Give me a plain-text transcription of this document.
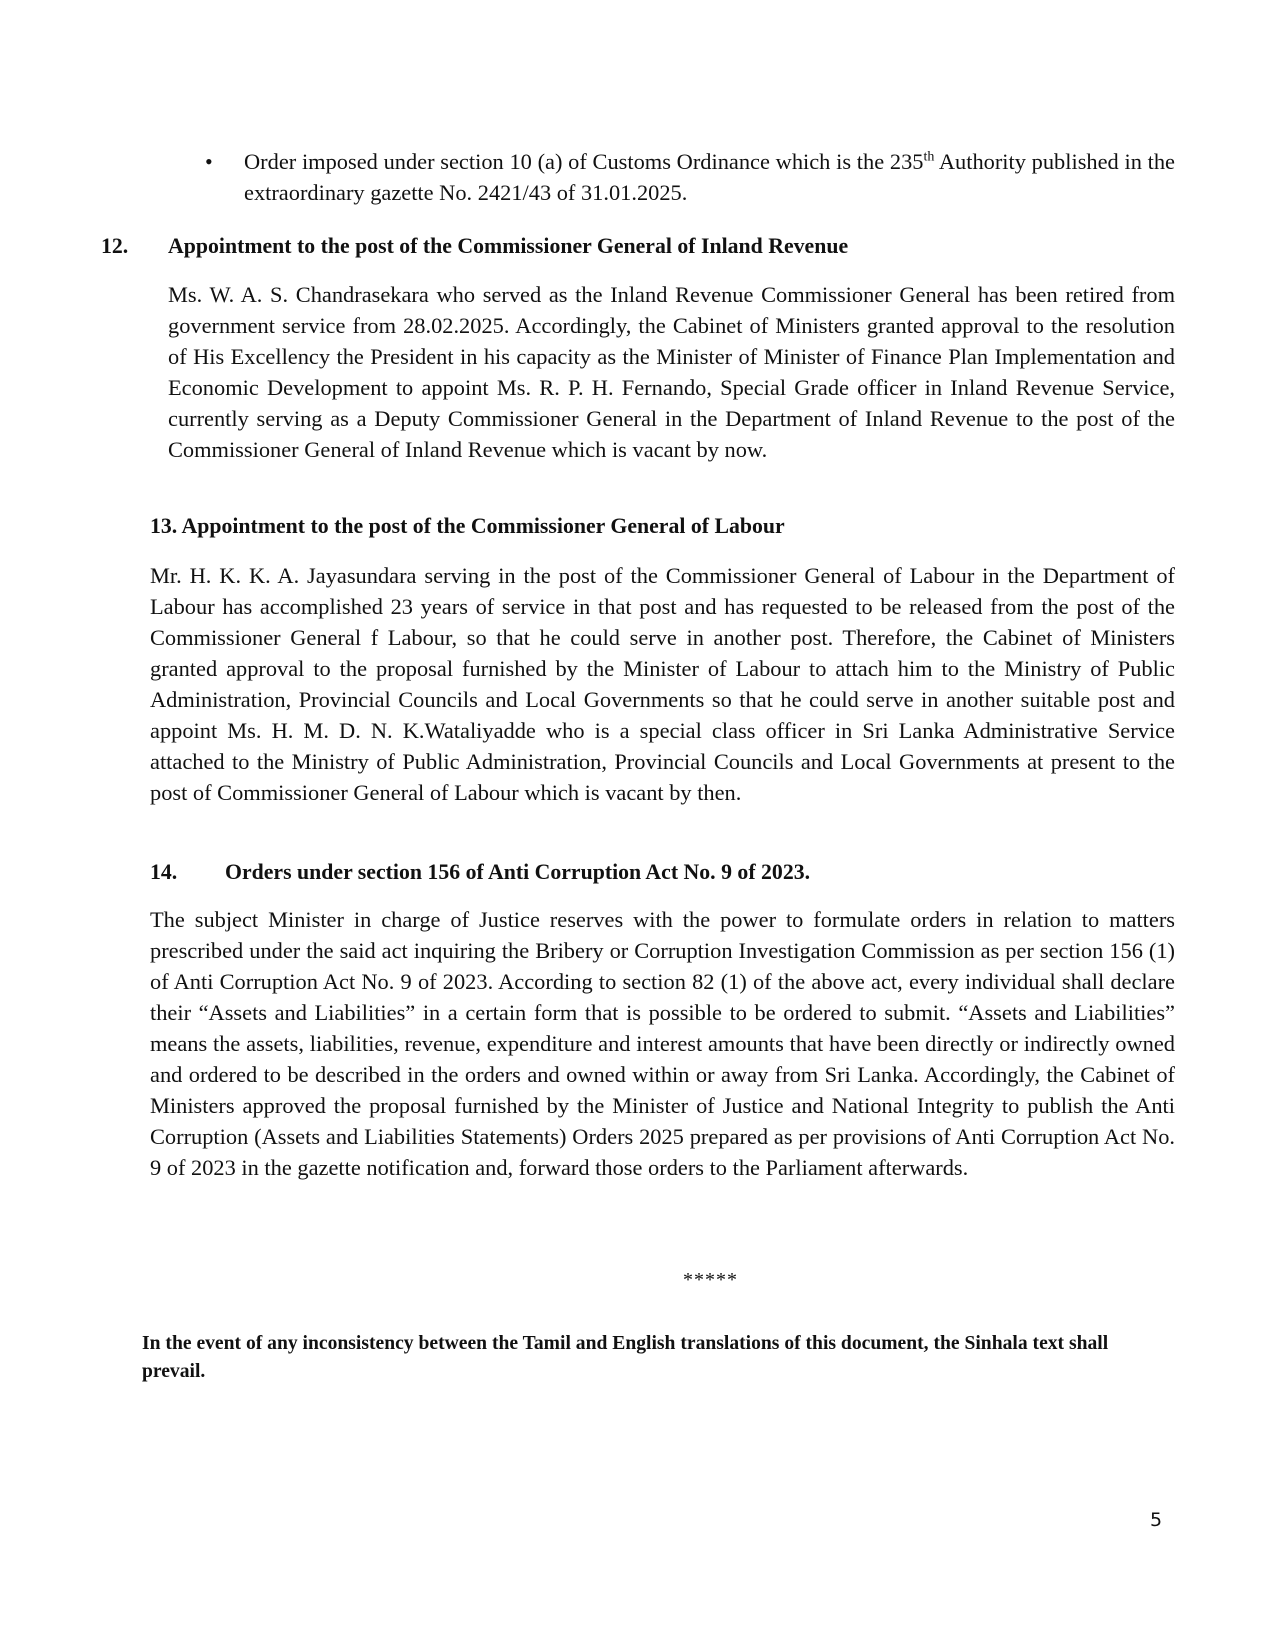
• Order imposed under section 10 (a) of Customs Ordinance which is the 235th Authority published in the extraordinary gazette No. 2421/43 of 31.01.2025.
12. Appointment to the post of the Commissioner General of Inland Revenue
Ms. W. A. S. Chandrasekara who served as the Inland Revenue Commissioner General has been retired from government service from 28.02.2025. Accordingly, the Cabinet of Ministers granted approval to the resolution of His Excellency the President in his capacity as the Minister of Minister of Finance Plan Implementation and Economic Development to appoint Ms. R. P. H. Fernando, Special Grade officer in Inland Revenue Service, currently serving as a Deputy Commissioner General in the Department of Inland Revenue to the post of the Commissioner General of Inland Revenue which is vacant by now.
13. Appointment to the post of the Commissioner General of Labour
Mr. H. K. K. A. Jayasundara serving in the post of the Commissioner General of Labour in the Department of Labour has accomplished 23 years of service in that post and has requested to be released from the post of the Commissioner General f Labour, so that he could serve in another post. Therefore, the Cabinet of Ministers granted approval to the proposal furnished by the Minister of Labour to attach him to the Ministry of Public Administration, Provincial Councils and Local Governments so that he could serve in another suitable post and appoint Ms. H. M. D. N. K.Wataliyadde who is a special class officer in Sri Lanka Administrative Service attached to the Ministry of Public Administration, Provincial Councils and Local Governments at present to the post of Commissioner General of Labour which is vacant by then.
14. Orders under section 156 of Anti Corruption Act No. 9 of 2023.
The subject Minister in charge of Justice reserves with the power to formulate orders in relation to matters prescribed under the said act inquiring the Bribery or Corruption Investigation Commission as per section 156 (1) of Anti Corruption Act No. 9 of 2023. According to section 82 (1) of the above act, every individual shall declare their “Assets and Liabilities” in a certain form that is possible to be ordered to submit. “Assets and Liabilities” means the assets, liabilities, revenue, expenditure and interest amounts that have been directly or indirectly owned and ordered to be described in the orders and owned within or away from Sri Lanka. Accordingly, the Cabinet of Ministers approved the proposal furnished by the Minister of Justice and National Integrity to publish the Anti Corruption (Assets and Liabilities Statements) Orders 2025 prepared as per provisions of Anti Corruption Act No. 9 of 2023 in the gazette notification and, forward those orders to the Parliament afterwards.
*****
In the event of any inconsistency between the Tamil and English translations of this document, the Sinhala text shall prevail.
5
